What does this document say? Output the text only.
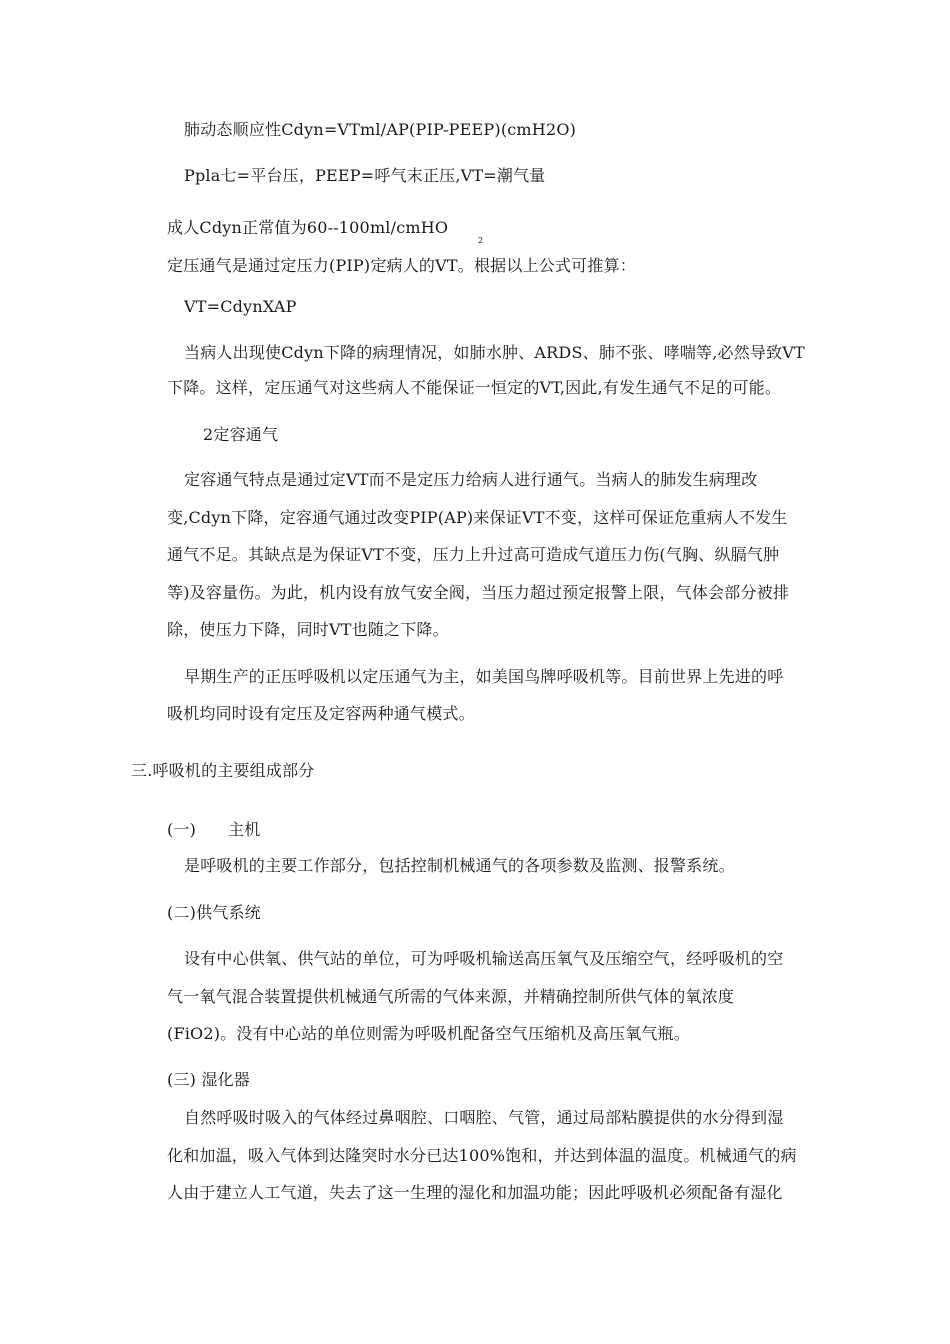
肺动态顺应性Cdyn=VTml/AP(PIP-PEEP)(cmH2O)

Ppla七=平台压，PEEP=呼气末正压,VT=潮气量

成人Cdyn正常值为60--100ml/cmHO

2

定压通气是通过定压力(PIP)定病人的VT。根据以上公式可推算：

VT=CdynXAP

当病人出现使Cdyn下降的病理情况，如肺水肿、ARDS、肺不张、哮喘等,必然导致VT

下降。这样，定压通气对这些病人不能保证一恒定的VT,因此,有发生通气不足的可能。

2定容通气

定容通气特点是通过定VT而不是定压力给病人进行通气。当病人的肺发生病理改

变,Cdyn下降，定容通气通过改变PIP(AP)来保证VT不变，这样可保证危重病人不发生

通气不足。其缺点是为保证VT不变，压力上升过高可造成气道压力伤(气胸、纵膈气肿

等)及容量伤。为此，机内设有放气安全阀，当压力超过预定报警上限，气体会部分被排

除，使压力下降，同时VT也随之下降。

早期生产的正压呼吸机以定压通气为主，如美国鸟牌呼吸机等。目前世界上先进的呼

吸机均同时设有定压及定容两种通气模式。

三.呼吸机的主要组成部分

(一) 主机

是呼吸机的主要工作部分，包括控制机械通气的各项参数及监测、报警系统。

(二)供气系统

设有中心供氧、供气站的单位，可为呼吸机输送高压氧气及压缩空气，经呼吸机的空

气一氧气混合装置提供机械通气所需的气体来源，并精确控制所供气体的氧浓度

(FiO2)。没有中心站的单位则需为呼吸机配备空气压缩机及高压氧气瓶。

(三) 湿化器

自然呼吸时吸入的气体经过鼻咽腔、口咽腔、气管，通过局部粘膜提供的水分得到湿

化和加温，吸入气体到达隆突时水分已达100%饱和，并达到体温的温度。机械通气的病

人由于建立人工气道，失去了这一生理的湿化和加温功能；因此呼吸机必须配备有湿化
